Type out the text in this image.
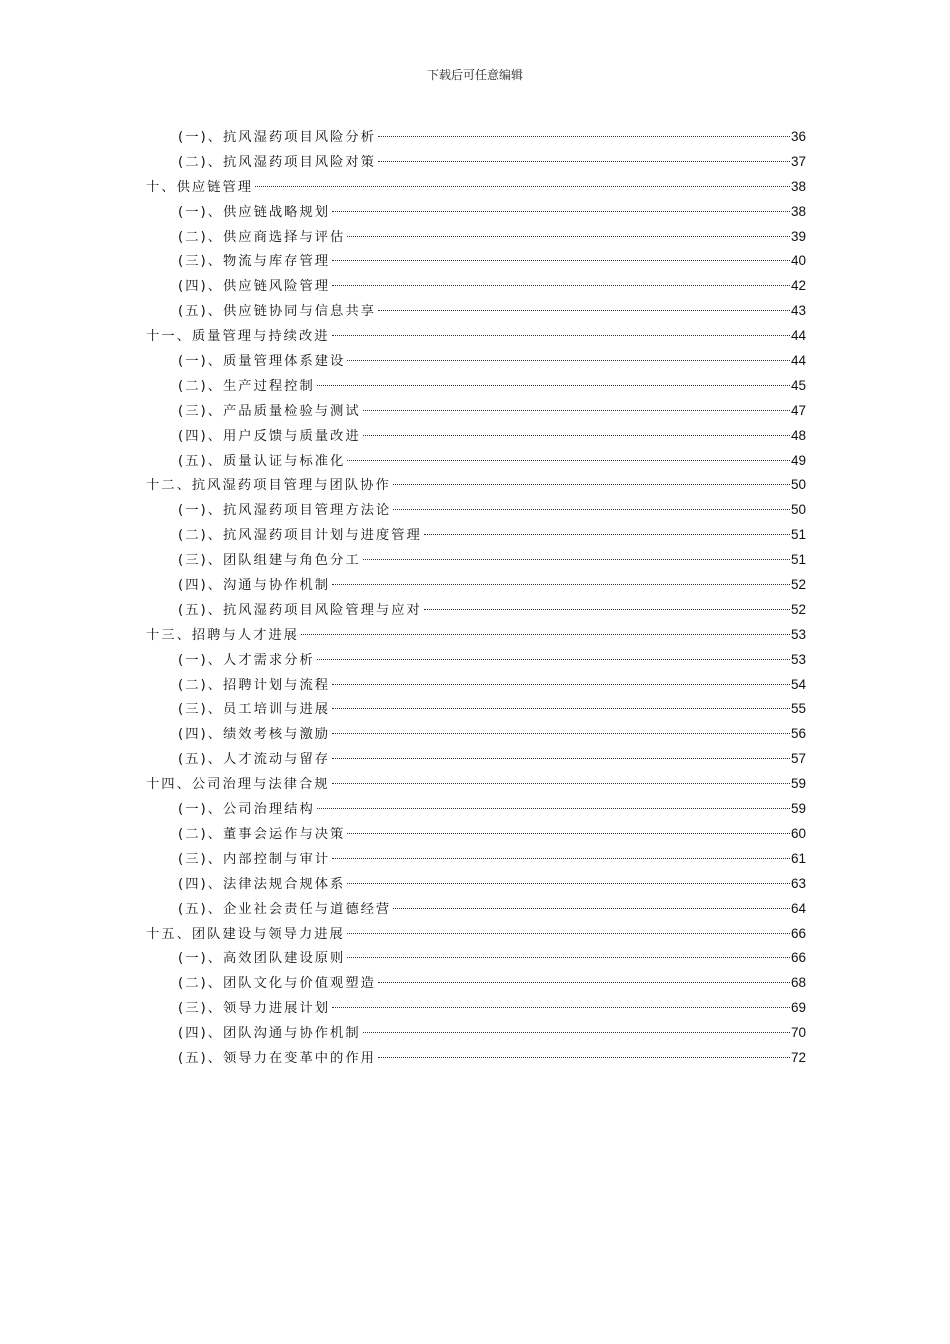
下载后可任意编辑
(一)、抗风湿药项目风险分析	36
(二)、抗风湿药项目风险对策	37
十、供应链管理	38
(一)、供应链战略规划	38
(二)、供应商选择与评估	39
(三)、物流与库存管理	40
(四)、供应链风险管理	42
(五)、供应链协同与信息共享	43
十一、质量管理与持续改进	44
(一)、质量管理体系建设	44
(二)、生产过程控制	45
(三)、产品质量检验与测试	47
(四)、用户反馈与质量改进	48
(五)、质量认证与标准化	49
十二、抗风湿药项目管理与团队协作	50
(一)、抗风湿药项目管理方法论	50
(二)、抗风湿药项目计划与进度管理	51
(三)、团队组建与角色分工	51
(四)、沟通与协作机制	52
(五)、抗风湿药项目风险管理与应对	52
十三、招聘与人才进展	53
(一)、人才需求分析	53
(二)、招聘计划与流程	54
(三)、员工培训与进展	55
(四)、绩效考核与激励	56
(五)、人才流动与留存	57
十四、公司治理与法律合规	59
(一)、公司治理结构	59
(二)、董事会运作与决策	60
(三)、内部控制与审计	61
(四)、法律法规合规体系	63
(五)、企业社会责任与道德经营	64
十五、团队建设与领导力进展	66
(一)、高效团队建设原则	66
(二)、团队文化与价值观塑造	68
(三)、领导力进展计划	69
(四)、团队沟通与协作机制	70
(五)、领导力在变革中的作用	72
